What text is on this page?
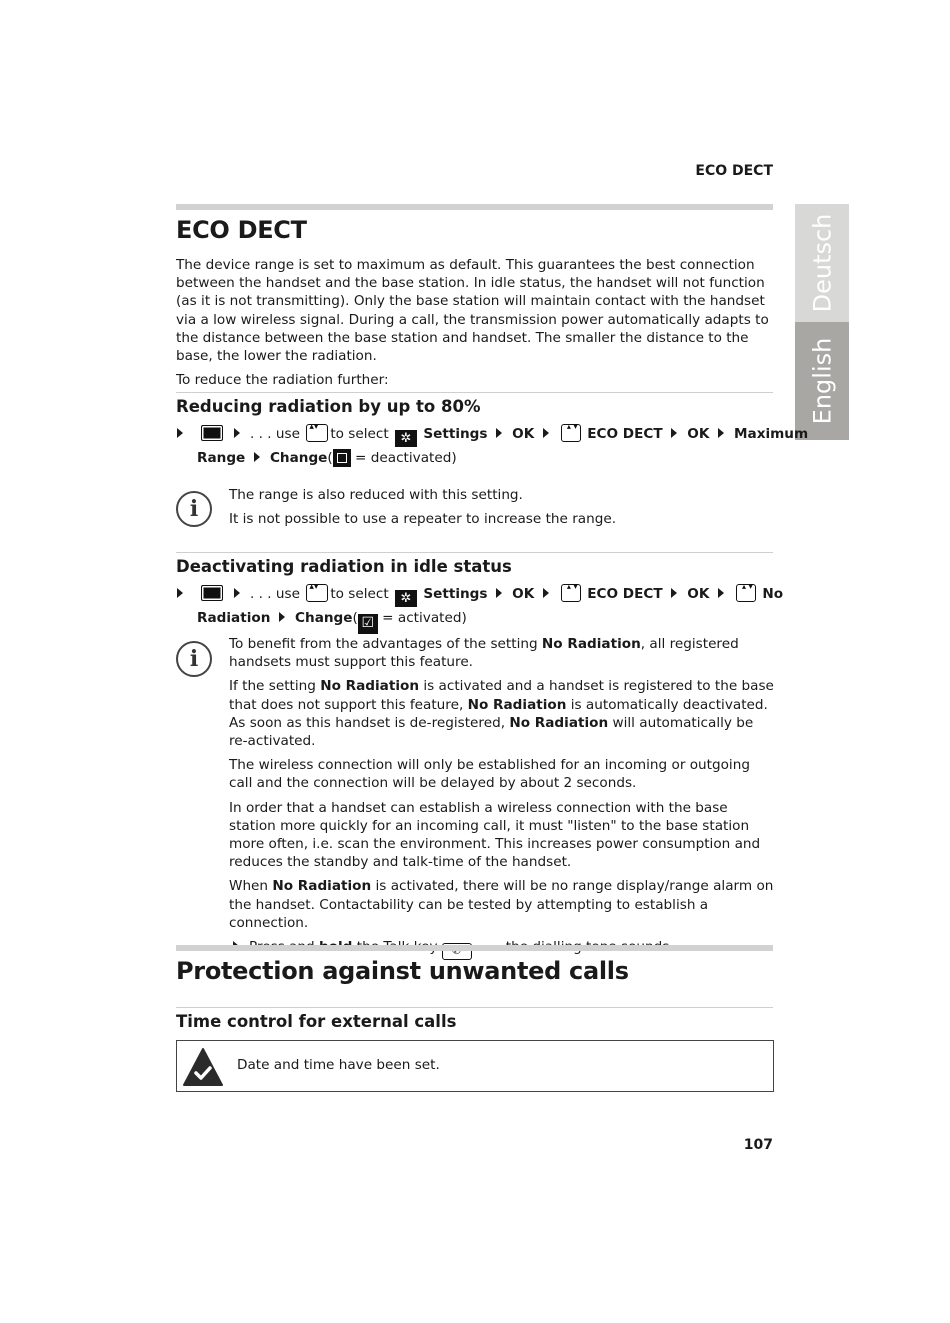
ECO DECT
Deutsch
English
ECO DECT

The device range is set to maximum as default. This guarantees the best connection between the handset and the base station. In idle status, the handset will not function (as it is not transmitting). Only the base station will maintain contact with the handset via a low wireless signal. During a call, the transmission power automatically adapts to the distance between the base station and handset. The smaller the distance to the base, the lower the radiation.

To reduce the radiation further:

Reducing radiation by up to 80%
. . . use ▴▾ to select ✲ Settings OK ▴ ▾	ECO DECT OK Maximum
Range Change( = deactivated)
i

The range is also reduced with this setting.

It is not possible to use a repeater to increase the range.

Deactivating radiation in idle status
. . . use ▴▾ to select ✲ Settings OK ▴ ▾	ECO DECT OK ▴ ▾	No
Radiation Change( ☑ = activated)
i

To benefit from the advantages of the setting No Radiation, all registered handsets must support this feature.

If the setting No Radiation is activated and a handset is registered to the base that does not support this feature, No Radiation is automatically deactivated. As soon as this handset is de-registered, No Radiation will automatically be re-activated.

The wireless connection will only be established for an incoming or outgoing call and the connection will be delayed by about 2 seconds.

In order that a handset can establish a wireless connection with the base station more quickly for an incoming call, it must "listen" to the base station more often, i.e. scan the environment. This increases power consumption and reduces the standby and talk-time of the handset.

When No Radiation is activated, there will be no range display/range alarm on the handset. Contactability can be tested by attempting to establish a connection.

Protection against unwanted calls
Time control for external calls
Date and time have been set.
107
